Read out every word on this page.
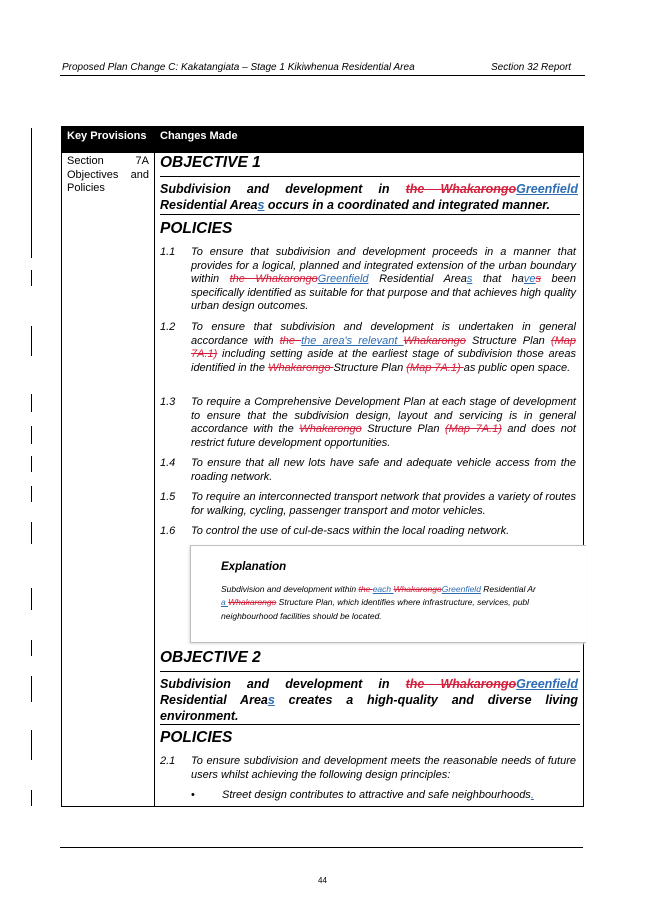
Proposed Plan Change C: Kakatangiata – Stage 1 Kikiwhenua Residential Area	Section 32 Report
Key Provisions	Changes Made
Section	7A
Objectives and
Policies
OBJECTIVE 1
Subdivision and development in the WhakarongoGreenfield Residential Areas occurs in a coordinated and integrated manner.
POLICIES
1.1 To ensure that subdivision and development proceeds in a manner that provides for a logical, planned and integrated extension of the urban boundary within the WhakarongoGreenfield Residential Areas that haves been specifically identified as suitable for that purpose and that achieves high quality urban design outcomes.
1.2 To ensure that subdivision and development is undertaken in general accordance with the the area's relevant Whakarongo Structure Plan (Map 7A.1) including setting aside at the earliest stage of subdivision those areas identified in the Whakarongo Structure Plan (Map 7A.1) as public open space.
1.3 To require a Comprehensive Development Plan at each stage of development to ensure that the subdivision design, layout and servicing is in general accordance with the Whakarongo Structure Plan (Map 7A.1) and does not restrict future development opportunities.
1.4 To ensure that all new lots have safe and adequate vehicle access from the roading network.
1.5 To require an interconnected transport network that provides a variety of routes for walking, cycling, passenger transport and motor vehicles.
1.6 To control the use of cul-de-sacs within the local roading network.
Explanation
Subdivision and development within the each WhakarongoGreenfield Residential Ar
a Whakarongo Structure Plan, which identifies where infrastructure, services, publ
neighbourhood facilities should be located.
OBJECTIVE 2
Subdivision and development in the WhakarongoGreenfield Residential Areas creates a high-quality and diverse living environment.
POLICIES
2.1 To ensure subdivision and development meets the reasonable needs of future users whilst achieving the following design principles:
• Street design contributes to attractive and safe neighbourhoods.
44
